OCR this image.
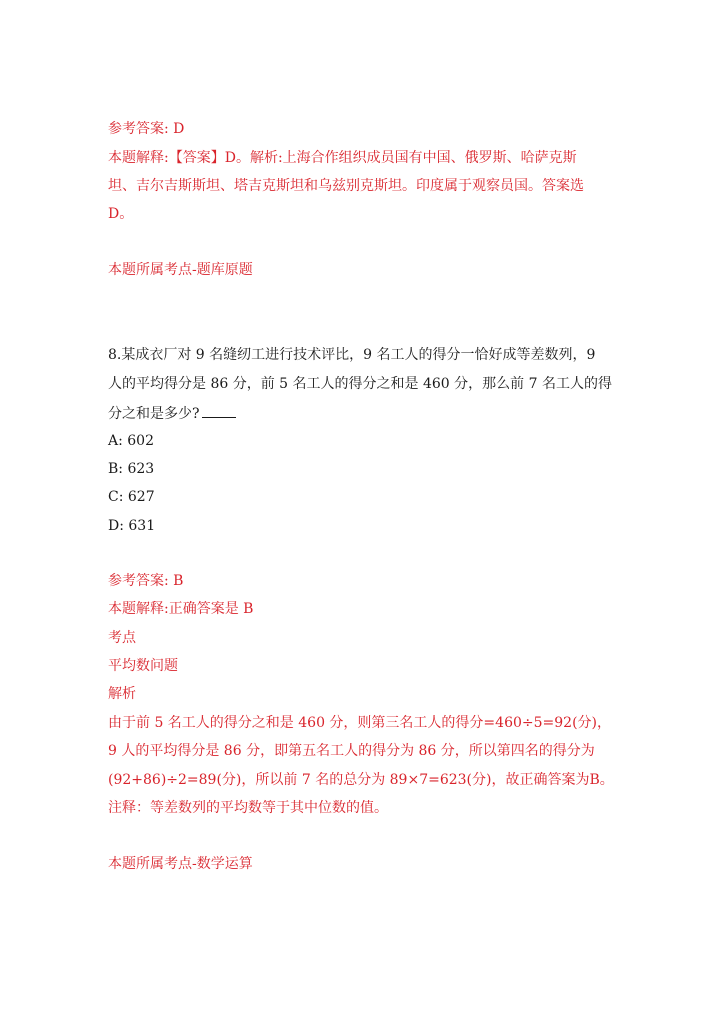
参考答案: D
本题解释:【答案】D。解析:上海合作组织成员国有中国、俄罗斯、哈萨克斯
坦、吉尔吉斯斯坦、塔吉克斯坦和乌兹别克斯坦。印度属于观察员国。答案选
D。
本题所属考点-题库原题
8.某成衣厂对 9 名缝纫工进行技术评比，9 名工人的得分一恰好成等差数列，9
人的平均得分是 86 分，前 5 名工人的得分之和是 460 分，那么前 7 名工人的得
分之和是多少?
A: 602
B: 623
C: 627
D: 631
参考答案: B
本题解释:正确答案是 B
考点
平均数问题
解析
由于前 5 名工人的得分之和是 460 分，则第三名工人的得分=460÷5=92(分)，
9 人的平均得分是 86 分，即第五名工人的得分为 86 分，所以第四名的得分为
(92+86)÷2=89(分)，所以前 7 名的总分为 89×7=623(分)，故正确答案为B。
注释：等差数列的平均数等于其中位数的值。
本题所属考点-数学运算
